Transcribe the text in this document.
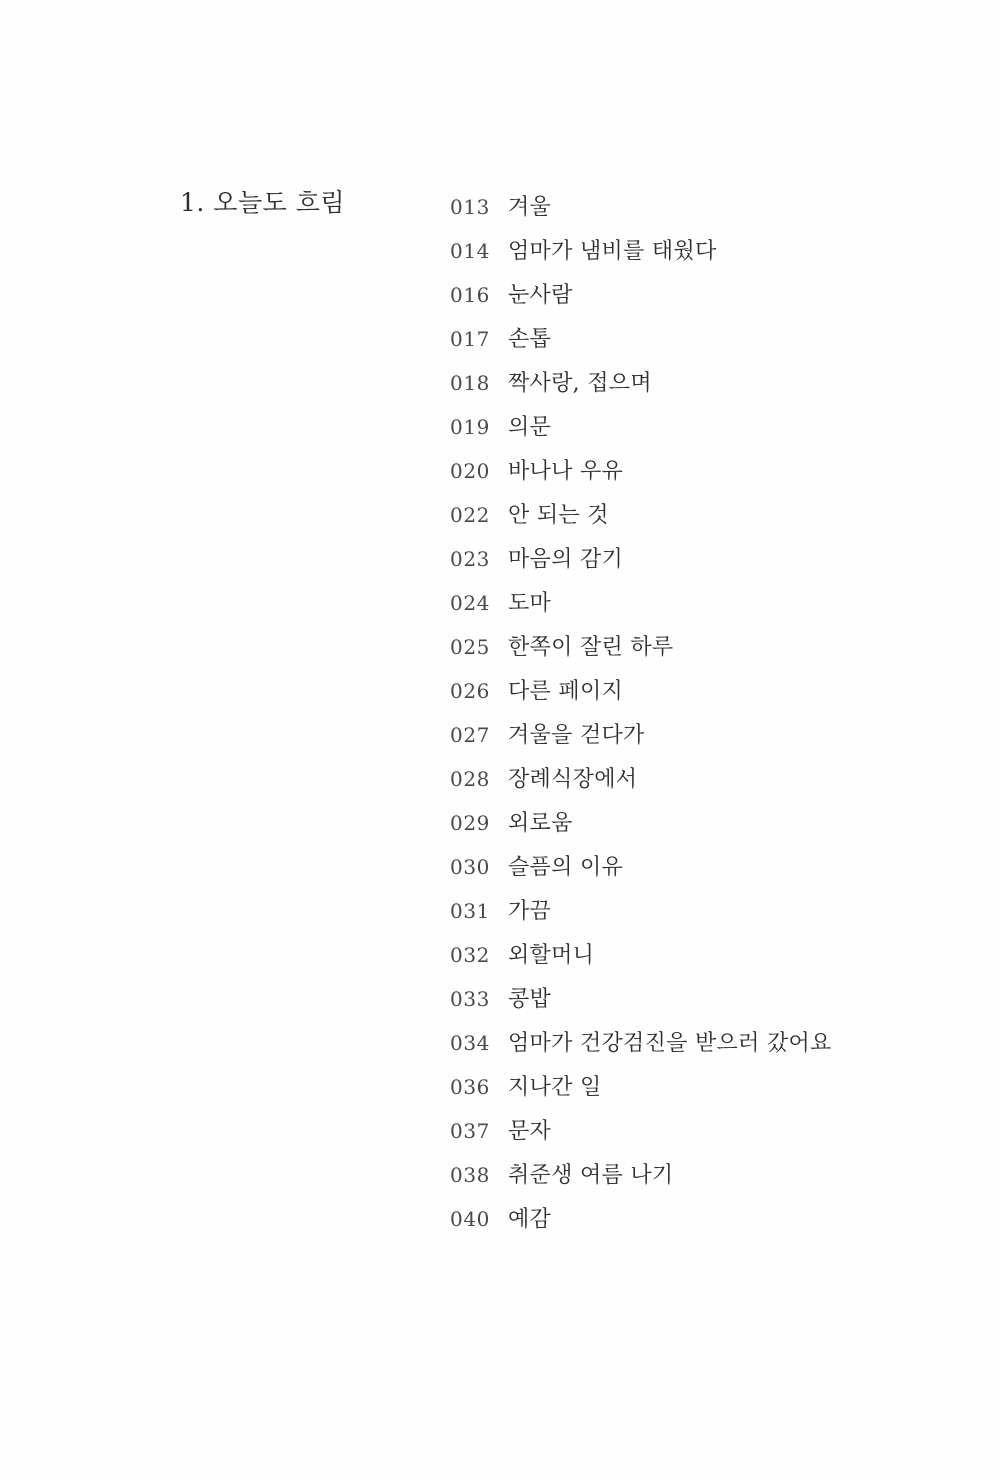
1. 오늘도 흐림	013 겨울
014 엄마가 냄비를 태웠다
016 눈사람
017 손톱
018 짝사랑, 접으며
019 의문
020 바나나 우유
022 안 되는 것
023 마음의 감기
024 도마
025 한쪽이 잘린 하루
026 다른 페이지
027 겨울을 걷다가
028 장례식장에서
029 외로움
030 슬픔의 이유
031 가끔
032 외할머니
033 콩밥
034 엄마가 건강검진을 받으러 갔어요
036 지나간 일
037 문자
038 취준생 여름 나기
040 예감
